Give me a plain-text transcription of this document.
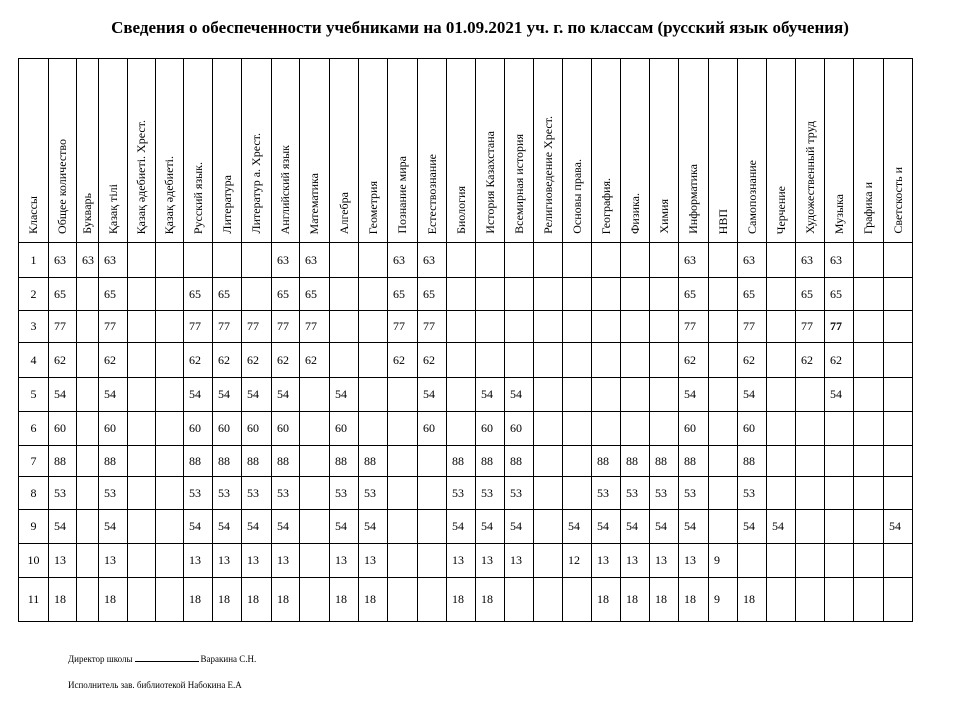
Сведения о обеспеченности учебниками на 01.09.2021 уч. г. по классам (русский язык обучения)
Классы	Общее количество	Буквaрь	Қазақ тілі	Қазақ әдебиеті. Хрест.	Қазақ әдебиеті.	Русский язык.	Литература	Литератур а. Хрест.	Английский язык	Математика	Алгебра	Геометрия	Познание мира	Естествознание	Биология	История Казахстана	Всемирная история	Религиоведение Хрест.	Основы права.	География.	Физика.	Химия	Информатика	НВП	Самопознание	Черчение	Художественный труд	Музыка	Графика и	Светскость и
1	63	63	63						63	63			63	63									63		63		63	63		
2	65		65			65	65		65	65			65	65									65		65		65	65		
3	77		77			77	77	77	77	77			77	77									77		77		77	77		
4	62		62			62	62	62	62	62			62	62									62		62		62	62		
5	54		54			54	54	54	54		54			54		54	54						54		54			54		
6	60		60			60	60	60	60		60			60		60	60						60		60					
7	88		88			88	88	88	88		88	88			88	88	88			88	88	88	88		88					
8	53		53			53	53	53	53		53	53			53	53	53			53	53	53	53		53					
9	54		54			54	54	54	54		54	54			54	54	54		54	54	54	54	54		54	54				54
10	13		13			13	13	13	13		13	13			13	13	13		12	13	13	13	13	9						
11	18		18			18	18	18	18		18	18			18	18				18	18	18	18	9	18					
Директор школы	Варакина С.Н.
Исполнитель зав. библиотекой Набокина Е.А
